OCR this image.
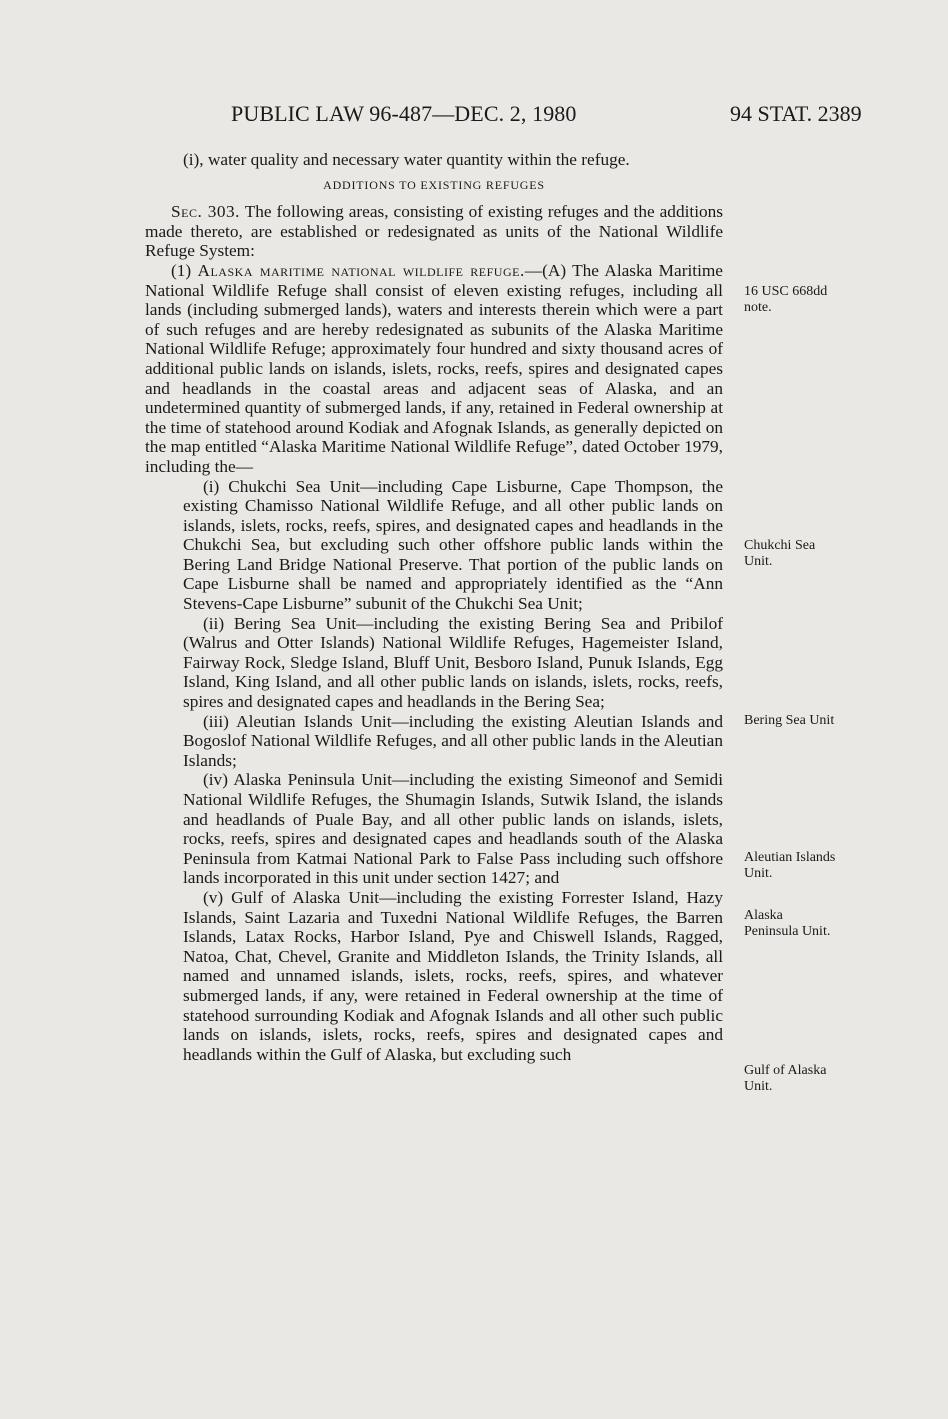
PUBLIC LAW 96-487—DEC. 2, 1980	94 STAT. 2389

(i), water quality and necessary water quantity within the refuge.

ADDITIONS TO EXISTING REFUGES

Sec. 303. The following areas, consisting of existing refuges and the additions made thereto, are established or redesignated as units of the National Wildlife Refuge System:

(1) Alaska maritime national wildlife refuge.—(A) The Alaska Maritime National Wildlife Refuge shall consist of eleven existing refuges, including all lands (including submerged lands), waters and interests therein which were a part of such refuges and are hereby redesignated as subunits of the Alaska Maritime National Wildlife Refuge; approximately four hundred and sixty thousand acres of additional public lands on islands, islets, rocks, reefs, spires and designated capes and headlands in the coastal areas and adjacent seas of Alaska, and an undetermined quantity of submerged lands, if any, retained in Federal ownership at the time of statehood around Kodiak and Afognak Islands, as generally depicted on the map entitled “Alaska Maritime National Wildlife Refuge”, dated October 1979, including the—

(i) Chukchi Sea Unit—including Cape Lisburne, Cape Thompson, the existing Chamisso National Wildlife Refuge, and all other public lands on islands, islets, rocks, reefs, spires, and designated capes and headlands in the Chukchi Sea, but excluding such other offshore public lands within the Bering Land Bridge National Preserve. That portion of the public lands on Cape Lisburne shall be named and appropriately identified as the “Ann Stevens-Cape Lisburne” subunit of the Chukchi Sea Unit;

(ii) Bering Sea Unit—including the existing Bering Sea and Pribilof (Walrus and Otter Islands) National Wildlife Refuges, Hagemeister Island, Fairway Rock, Sledge Island, Bluff Unit, Besboro Island, Punuk Islands, Egg Island, King Island, and all other public lands on islands, islets, rocks, reefs, spires and designated capes and headlands in the Bering Sea;

(iii) Aleutian Islands Unit—including the existing Aleutian Islands and Bogoslof National Wildlife Refuges, and all other public lands in the Aleutian Islands;

(iv) Alaska Peninsula Unit—including the existing Simeonof and Semidi National Wildlife Refuges, the Shumagin Islands, Sutwik Island, the islands and headlands of Puale Bay, and all other public lands on islands, islets, rocks, reefs, spires and designated capes and headlands south of the Alaska Peninsula from Katmai National Park to False Pass including such offshore lands incorporated in this unit under section 1427; and

(v) Gulf of Alaska Unit—including the existing Forrester Island, Hazy Islands, Saint Lazaria and Tuxedni National Wildlife Refuges, the Barren Islands, Latax Rocks, Harbor Island, Pye and Chiswell Islands, Ragged, Natoa, Chat, Chevel, Granite and Middleton Islands, the Trinity Islands, all named and unnamed islands, islets, rocks, reefs, spires, and whatever submerged lands, if any, were retained in Federal ownership at the time of statehood surrounding Kodiak and Afognak Islands and all other such public lands on islands, islets, rocks, reefs, spires and designated capes and headlands within the Gulf of Alaska, but excluding such

16 USC 668dd
note.
Chukchi Sea
Unit.
Bering Sea Unit
Aleutian Islands
Unit.
Alaska
Peninsula Unit.
Gulf of Alaska
Unit.
